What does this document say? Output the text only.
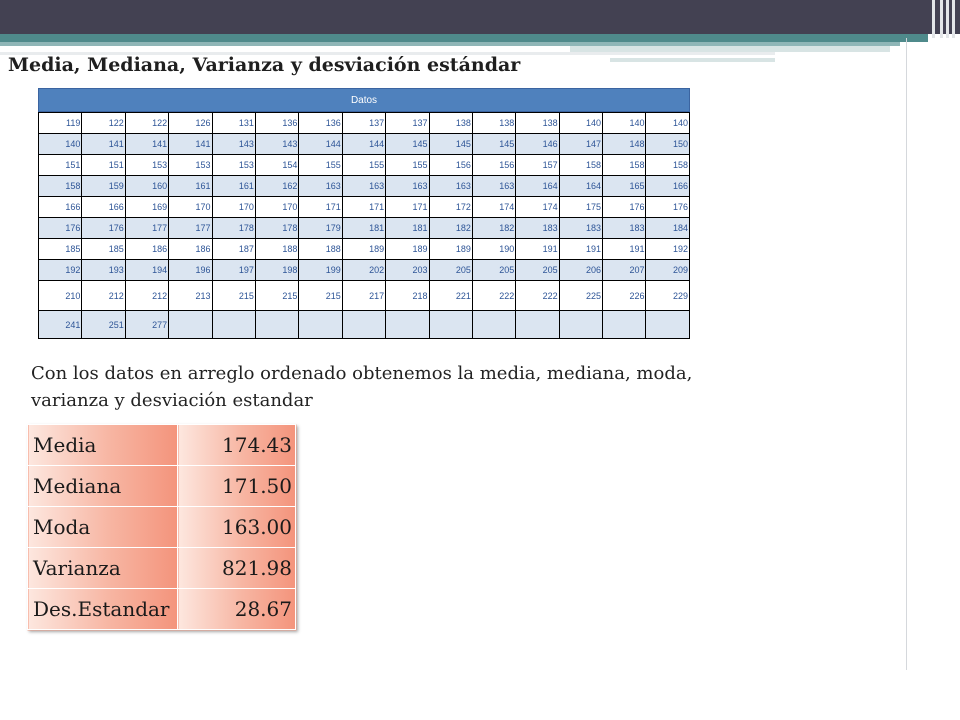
Media, Mediana, Varianza y desviación estándar
Datos
119	122	122	126	131	136	136	137	137	138	138	138	140	140	140
140	141	141	141	143	143	144	144	145	145	145	146	147	148	150
151	151	153	153	153	154	155	155	155	156	156	157	158	158	158
158	159	160	161	161	162	163	163	163	163	163	164	164	165	166
166	166	169	170	170	170	171	171	171	172	174	174	175	176	176
176	176	177	177	178	178	179	181	181	182	182	183	183	183	184
185	185	186	186	187	188	188	189	189	189	190	191	191	191	192
192	193	194	196	197	198	199	202	203	205	205	205	206	207	209
210	212	212	213	215	215	215	217	218	221	222	222	225	226	229
241	251	277												
Con los datos en arreglo ordenado obtenemos la media, mediana, moda, varianza y desviación estandar
Media	174.43
Mediana	171.50
Moda	163.00
Varianza	821.98
Des.Estandar	28.67
